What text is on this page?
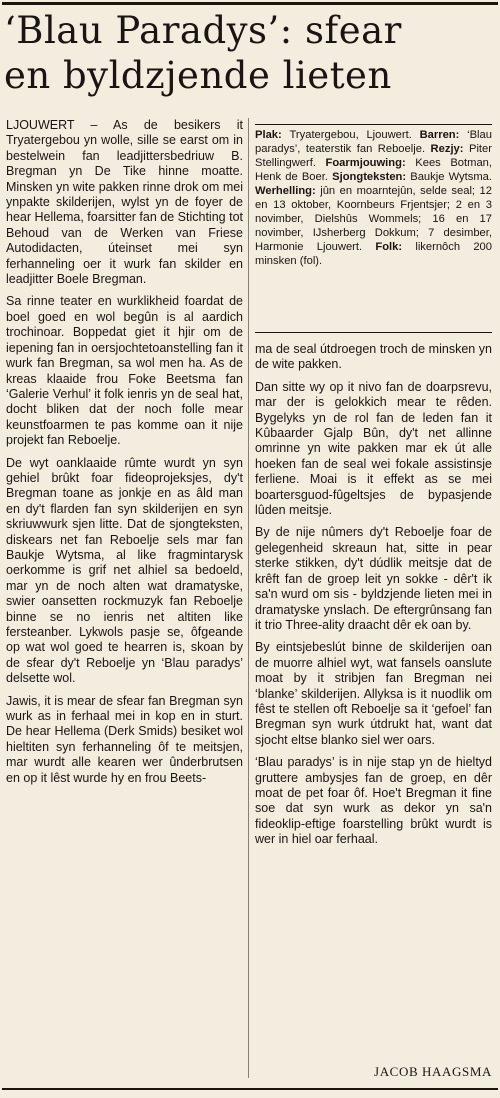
‘Blau Paradys’: sfear
en byldzjende lieten

LJOUWERT – As de besikers it Tryatergebou yn wolle, sille se earst om in bestelwein fan leadjittersbedriuw B. Bregman yn De Tike hinne moatte. Minsken yn wite pakken rinne drok om mei ynpakte skilderijen, wylst yn de foyer de hear Hellema, foarsitter fan de Stichting tot Behoud van de Werken van Friese Autodidacten, úteinset mei syn ferhanneling oer it wurk fan skilder en leadjitter Boele Bregman.

Sa rinne teater en wurklikheid foardat de boel goed en wol begûn is al aardich trochinoar. Boppedat giet it hjir om de iepening fan in oersjochtetoanstelling fan it wurk fan Bregman, sa wol men ha. As de kreas klaaide frou Foke Beetsma fan ‘Galerie Verhul’ it folk ienris yn de seal hat, docht bliken dat der noch folle mear keunstfoarmen te pas komme oan it nije projekt fan Reboelje.

De wyt oanklaaide rûmte wurdt yn syn gehiel brûkt foar fideoprojeksjes, dy't Bregman toane as jonkje en as âld man en dy't flarden fan syn skilderijen en syn skriuwwurk sjen litte. Dat de sjongteksten, diskears net fan Reboelje sels mar fan Baukje Wytsma, al like fragmintarysk oerkomme is grif net alhiel sa bedoeld, mar yn de noch alten wat dramatyske, swier oansetten rockmuzyk fan Reboelje binne se no ienris net altiten like fersteanber. Lykwols pasje se, ôfgeande op wat wol goed te hearren is, skoan by de sfear dy't Reboelje yn ‘Blau paradys’ delsette wol.

Jawis, it is mear de sfear fan Bregman syn wurk as in ferhaal mei in kop en in sturt. De hear Hellema (Derk Smids) besiket wol hieltiten syn ferhanneling ôf te meitsjen, mar wurdt alle kearen wer ûnderbrutsen en op it lêst wurde hy en frou Beets-

Plak: Tryatergebou, Ljouwert. Barren: ‘Blau paradys’, teaterstik fan Reboelje. Rezjy: Piter Stellingwerf. Foarmjouwing: Kees Botman, Henk de Boer. Sjongteksten: Baukje Wytsma. Werhelling: jûn en moarntejûn, selde seal; 12 en 13 oktober, Koornbeurs Frjentsjer; 2 en 3 novimber, Dielshûs Wommels; 16 en 17 novimber, IJsherberg Dokkum; 7 desimber, Harmonie Ljouwert. Folk: likernôch 200 minsken (fol).

ma de seal útdroegen troch de minsken yn de wite pakken.

Dan sitte wy op it nivo fan de doarpsrevu, mar der is gelokkich mear te rêden. Bygelyks yn de rol fan de leden fan it Kûbaarder Gjalp Bûn, dy't net allinne omrinne yn wite pakken mar ek út alle hoeken fan de seal wei fokale assistinsje ferliene. Moai is it effekt as se mei boartersguod-fûgeltsjes de bypasjende lûden meitsje.

By de nije nûmers dy't Reboelje foar de gelegenheid skreaun hat, sitte in pear sterke stikken, dy't dúdlik meitsje dat de krêft fan de groep leit yn sokke - dêr't ik sa'n wurd om sis - byldzjende lieten mei in dramatyske ynslach. De eftergrûnsang fan it trio Three-ality draacht dêr ek oan by.

By eintsjebeslút binne de skilderijen oan de muorre alhiel wyt, wat fansels oanslute moat by it stribjen fan Bregman nei ‘blanke’ skilderijen. Allyksa is it nuodlik om fêst te stellen oft Reboelje sa it ‘gefoel’ fan Bregman syn wurk útdrukt hat, want dat sjocht eltse blanko siel wer oars.

‘Blau paradys’ is in nije stap yn de hieltyd gruttere ambysjes fan de groep, en dêr moat de pet foar ôf. Hoe't Bregman it fine soe dat syn wurk as dekor yn sa'n fideoklip-eftige foarstelling brûkt wurdt is wer in hiel oar ferhaal.

JACOB HAAGSMA
